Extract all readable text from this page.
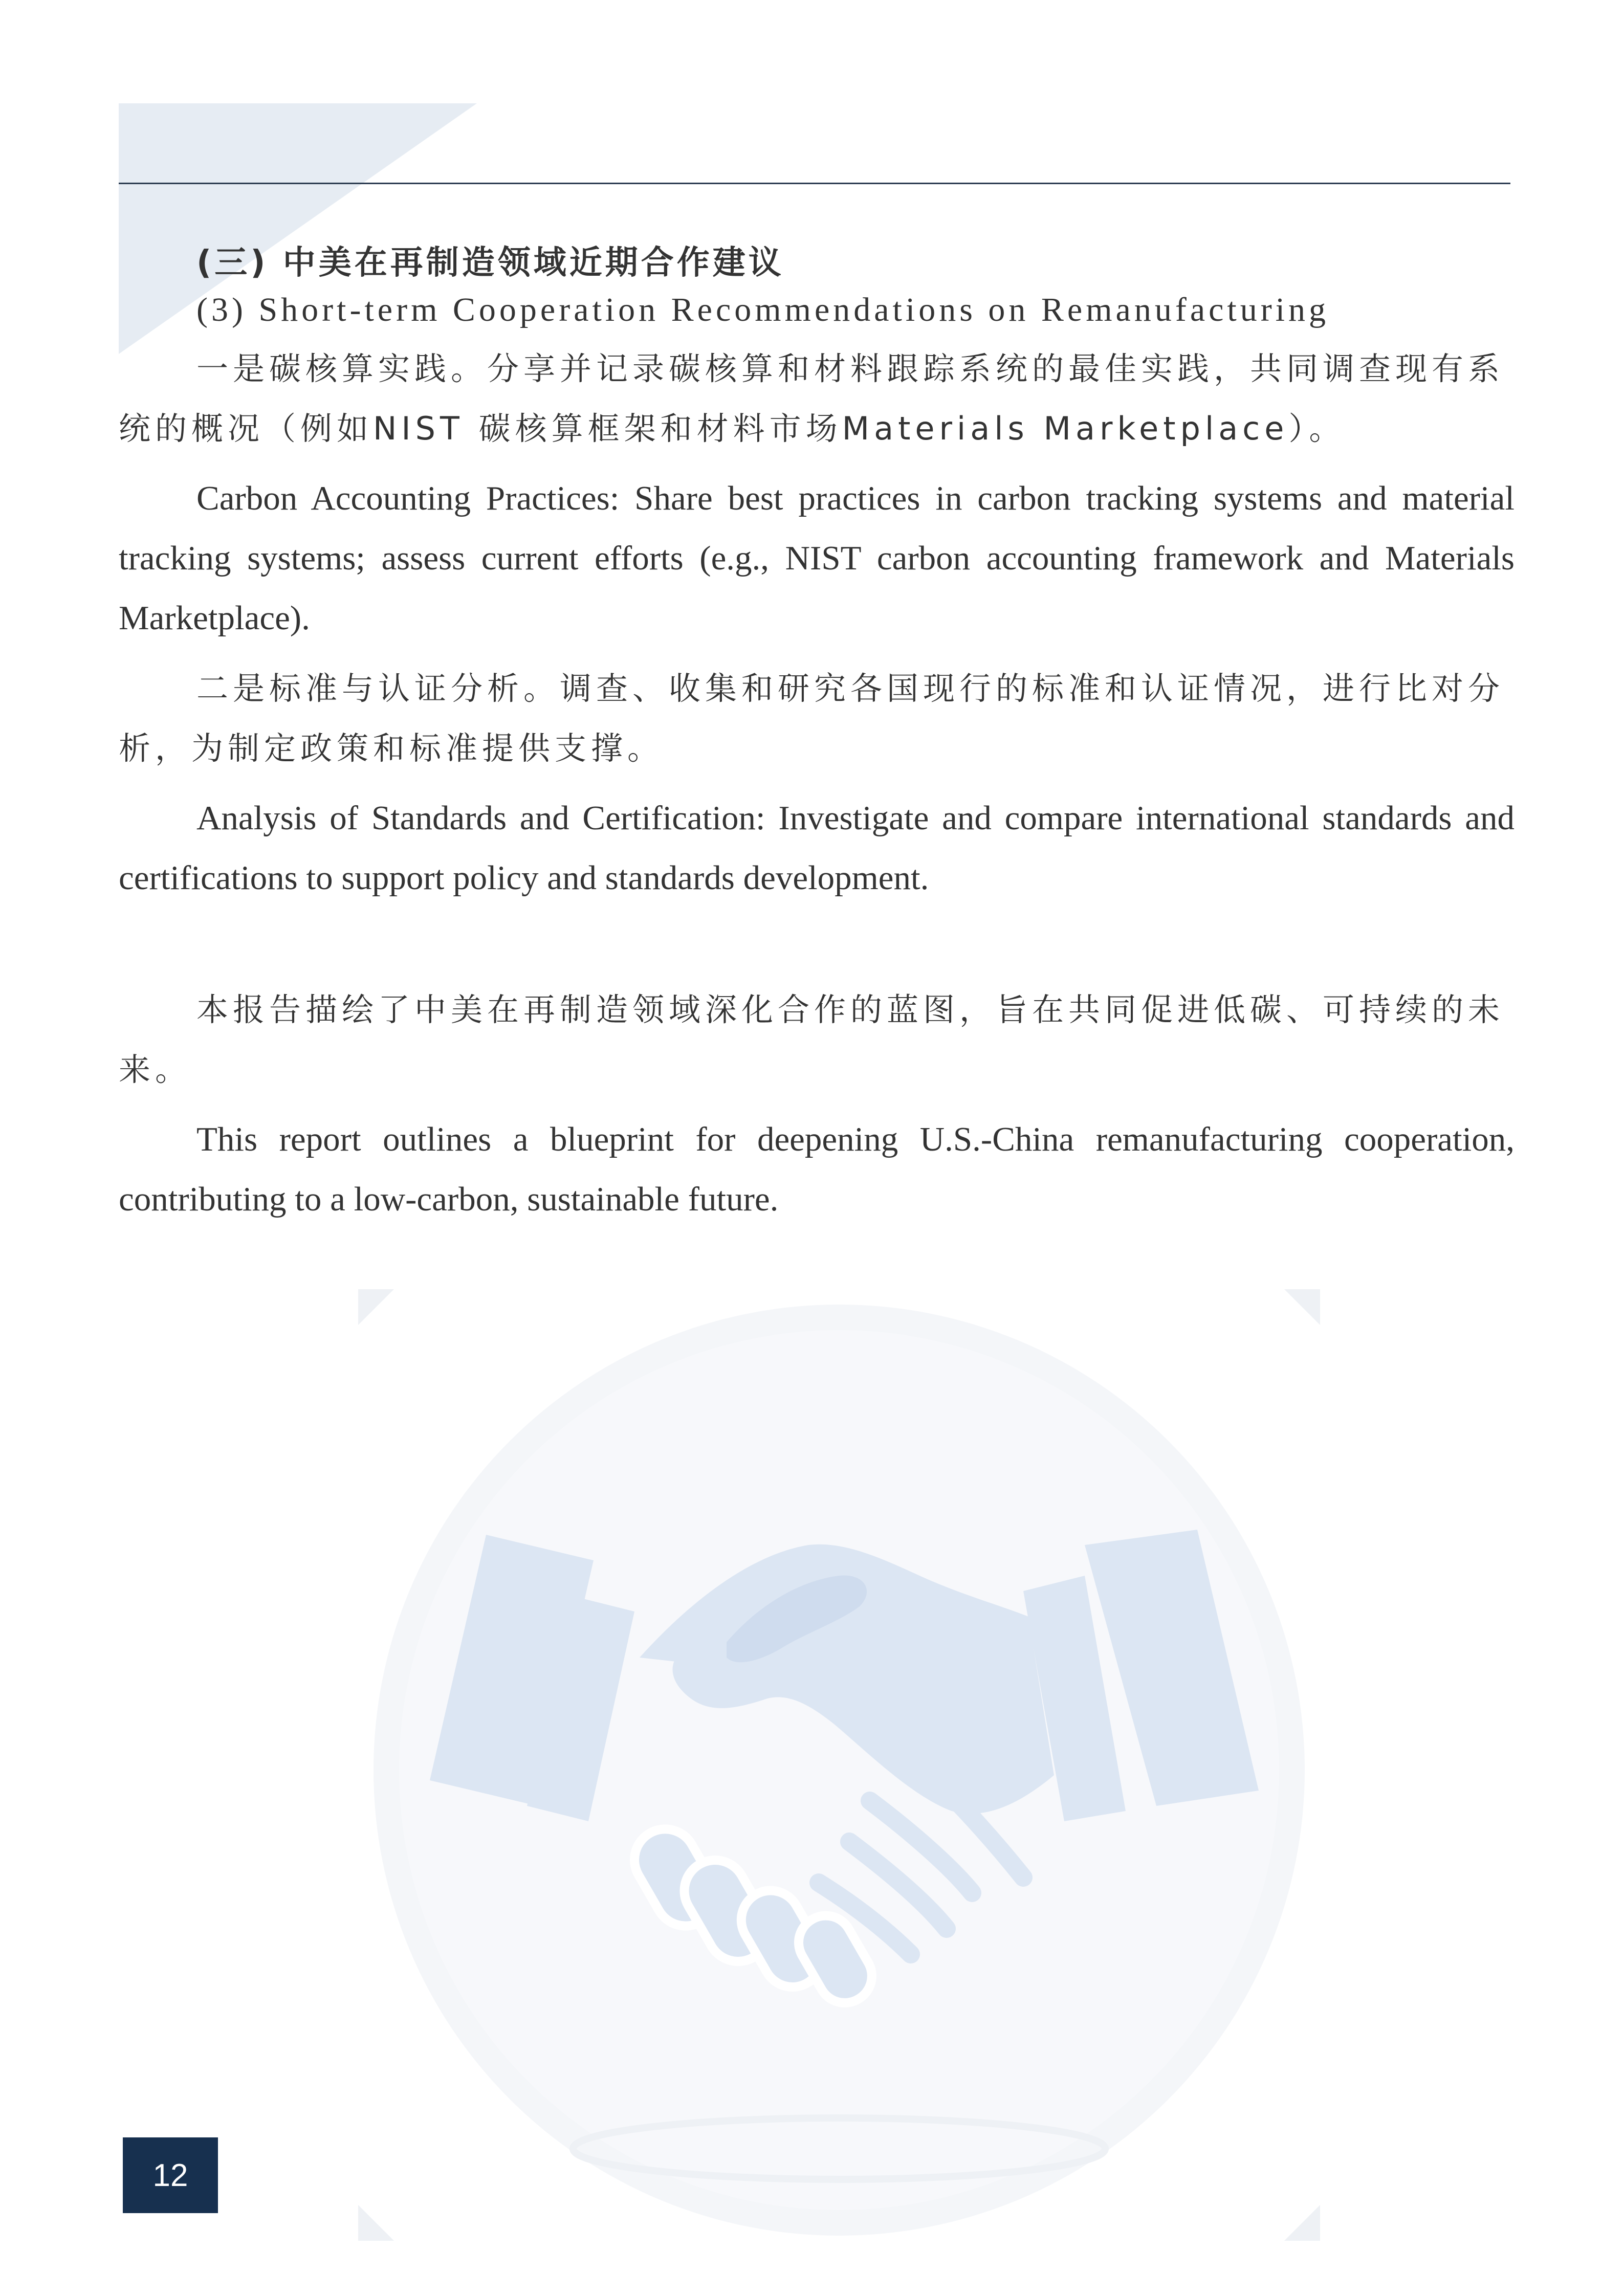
(三) 中美在再制造领域近期合作建议
(3) Short-term Cooperation Recommendations on Remanufacturing

一是碳核算实践。分享并记录碳核算和材料跟踪系统的最佳实践，共同调查现有系统的概况（例如NIST 碳核算框架和材料市场Materials Marketplace）。

Carbon Accounting Practices: Share best practices in carbon tracking systems and material tracking systems; assess current efforts (e.g., NIST carbon accounting framework and Materials Marketplace).

二是标准与认证分析。调查、收集和研究各国现行的标准和认证情况，进行比对分析，为制定政策和标准提供支撑。

Analysis of Standards and Certification: Investigate and compare international standards and certifications to support policy and standards development.

本报告描绘了中美在再制造领域深化合作的蓝图，旨在共同促进低碳、可持续的未来。

This report outlines a blueprint for deepening U.S.-China remanufacturing cooperation, contributing to a low-carbon, sustainable future.

12
